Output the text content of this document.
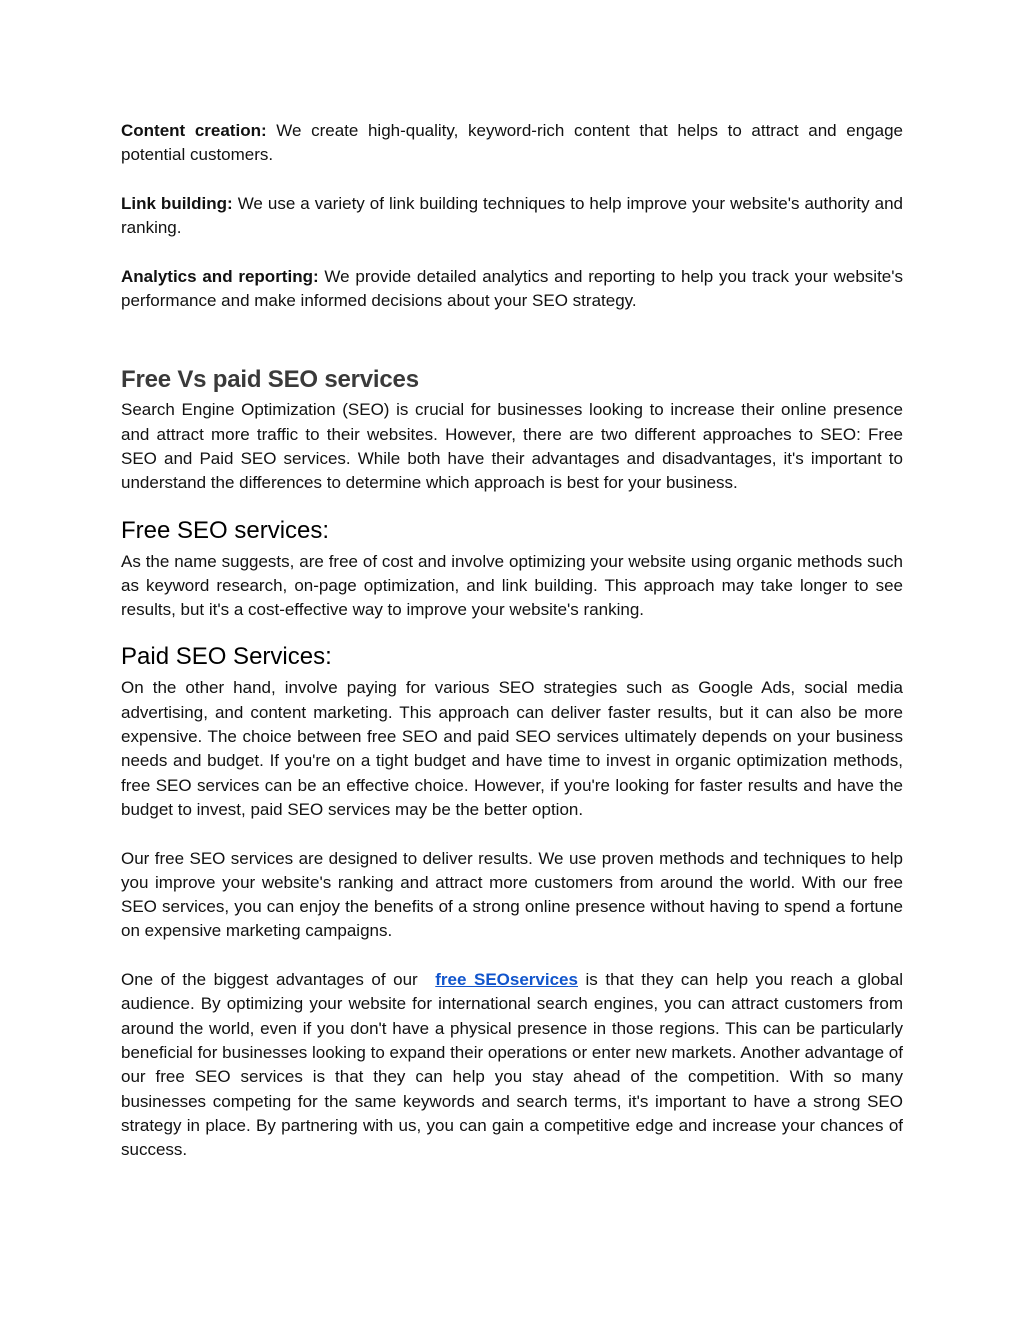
Content creation: We create high-quality, keyword-rich content that helps to attract and engage potential customers.

Link building: We use a variety of link building techniques to help improve your website's authority and ranking.

Analytics and reporting: We provide detailed analytics and reporting to help you track your website's performance and make informed decisions about your SEO strategy.

Free Vs paid SEO services

Search Engine Optimization (SEO) is crucial for businesses looking to increase their online presence and attract more traffic to their websites. However, there are two different approaches to SEO: Free SEO and Paid SEO services. While both have their advantages and disadvantages, it's important to understand the differences to determine which approach is best for your business.

Free SEO services:

As the name suggests, are free of cost and involve optimizing your website using organic methods such as keyword research, on-page optimization, and link building. This approach may take longer to see results, but it's a cost-effective way to improve your website's ranking.

Paid SEO Services:

On the other hand, involve paying for various SEO strategies such as Google Ads, social media advertising, and content marketing. This approach can deliver faster results, but it can also be more expensive. The choice between free SEO and paid SEO services ultimately depends on your business needs and budget. If you're on a tight budget and have time to invest in organic optimization methods, free SEO services can be an effective choice. However, if you're looking for faster results and have the budget to invest, paid SEO services may be the better option.

Our free SEO services are designed to deliver results. We use proven methods and techniques to help you improve your website's ranking and attract more customers from around the world. With our free SEO services, you can enjoy the benefits of a strong online presence without having to spend a fortune on expensive marketing campaigns.

One of the biggest advantages of our free SEOservices is that they can help you reach a global audience. By optimizing your website for international search engines, you can attract customers from around the world, even if you don't have a physical presence in those regions. This can be particularly beneficial for businesses looking to expand their operations or enter new markets. Another advantage of our free SEO services is that they can help you stay ahead of the competition. With so many businesses competing for the same keywords and search terms, it's important to have a strong SEO strategy in place. By partnering with us, you can gain a competitive edge and increase your chances of success.
